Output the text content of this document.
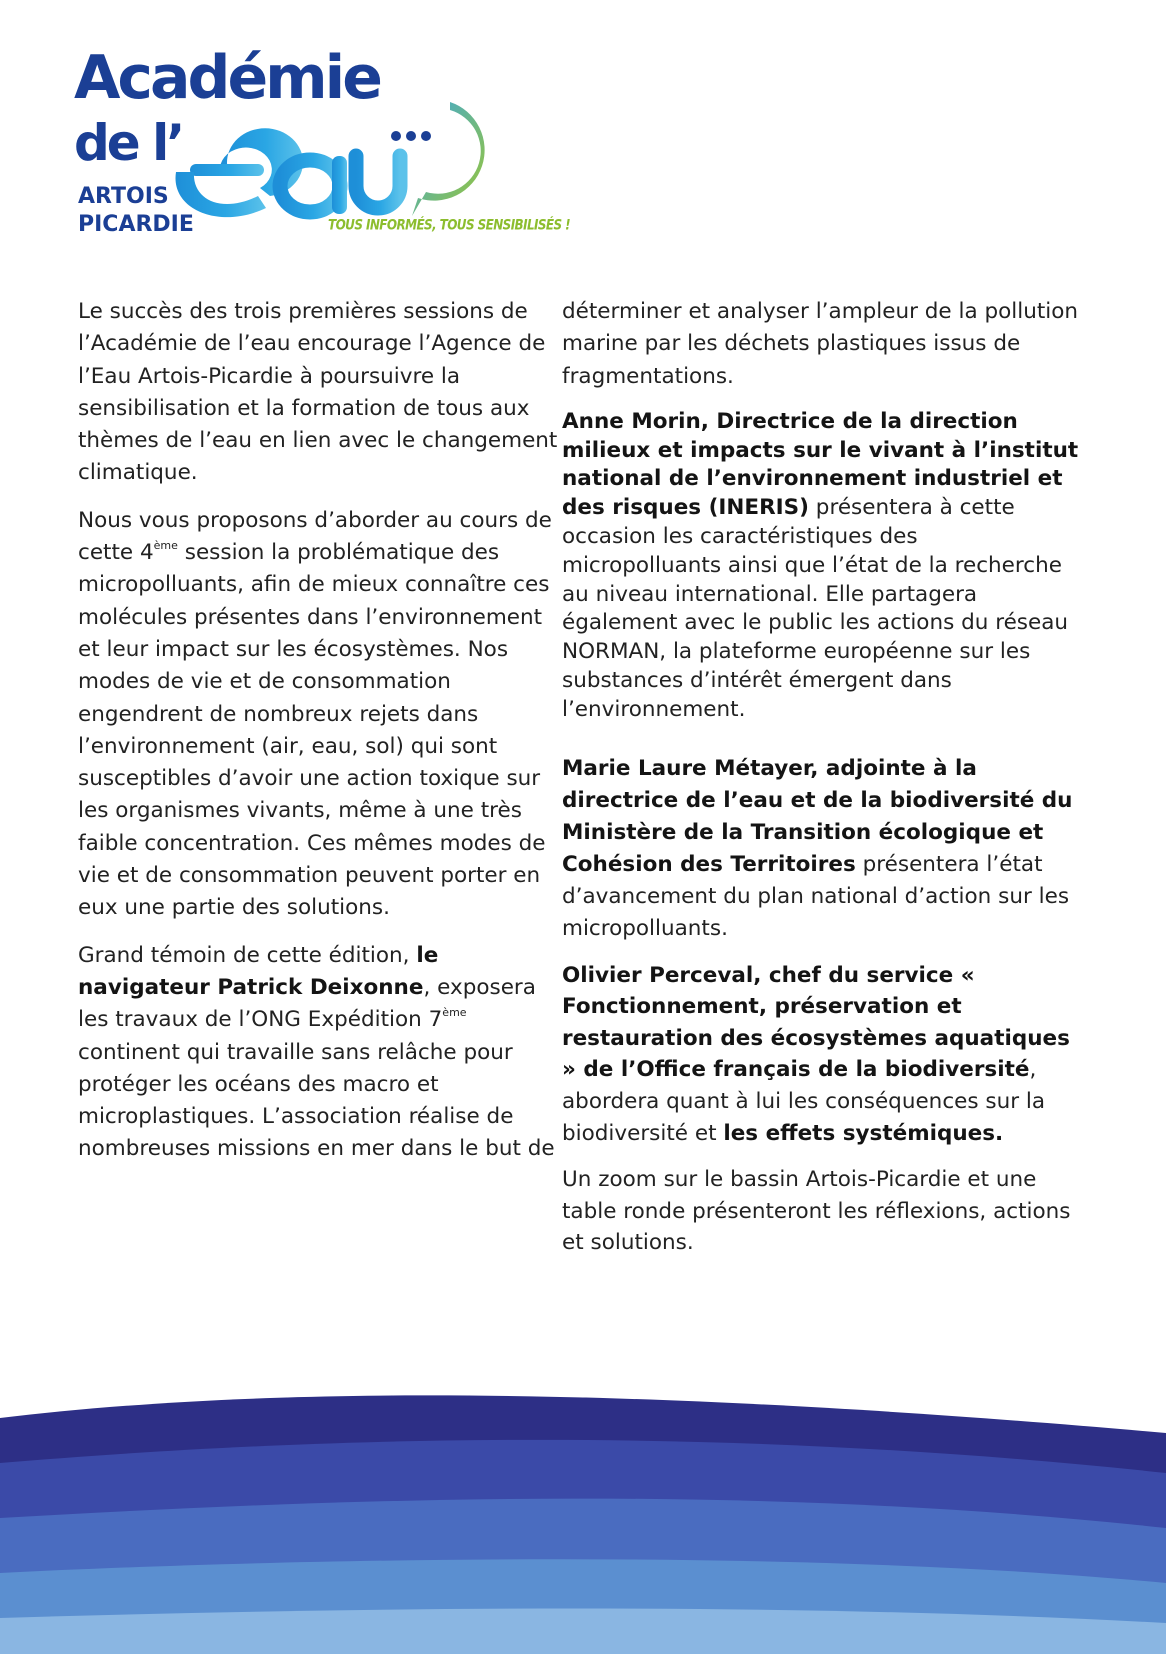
Académie
de l’
ARTOIS
PICARDIE	TOUS INFORMÉS, TOUS SENSIBILISÉS !

Le succès des trois premières sessions de l’Académie de l’eau encourage l’Agence de l’Eau Artois-Picardie à poursuivre la sensibilisation et la formation de tous aux thèmes de l’eau en lien avec le changement climatique.

Nous vous proposons d’aborder au cours de cette 4ème session la problématique des micropolluants, afin de mieux connaître ces molécules présentes dans l’environnement et leur impact sur les écosystèmes. Nos modes de vie et de consommation engendrent de nombreux rejets dans l’environnement (air, eau, sol) qui sont susceptibles d’avoir une action toxique sur les organismes vivants, même à une très faible concentration. Ces mêmes modes de vie et de consommation peuvent porter en eux une partie des solutions.

Grand témoin de cette édition, le navigateur Patrick Deixonne, exposera les travaux de l’ONG Expédition 7ème continent qui travaille sans relâche pour protéger les océans des macro et microplastiques. L’association réalise de nombreuses missions en mer dans le but de

déterminer et analyser l’ampleur de la pollution marine par les déchets plastiques issus de fragmentations.

Anne Morin, Directrice de la direction milieux et impacts sur le vivant à l’institut national de l’environnement industriel et des risques (INERIS) présentera à cette occasion les caractéristiques des micropolluants ainsi que l’état de la recherche au niveau international. Elle partagera également avec le public les actions du réseau NORMAN, la plateforme européenne sur les substances d’intérêt émergent dans l’environnement.

Marie Laure Métayer, adjointe à la directrice de l’eau et de la biodiversité du Ministère de la Transition écologique et Cohésion des Territoires présentera l’état d’avancement du plan national d’action sur les micropolluants.

Olivier Perceval, chef du service « Fonctionnement, préservation et restauration des écosystèmes aquatiques » de l’Office français de la biodiversité, abordera quant à lui les conséquences sur la biodiversité et les effets systémiques.

Un zoom sur le bassin Artois-Picardie et une table ronde présenteront les réflexions, actions et solutions.
